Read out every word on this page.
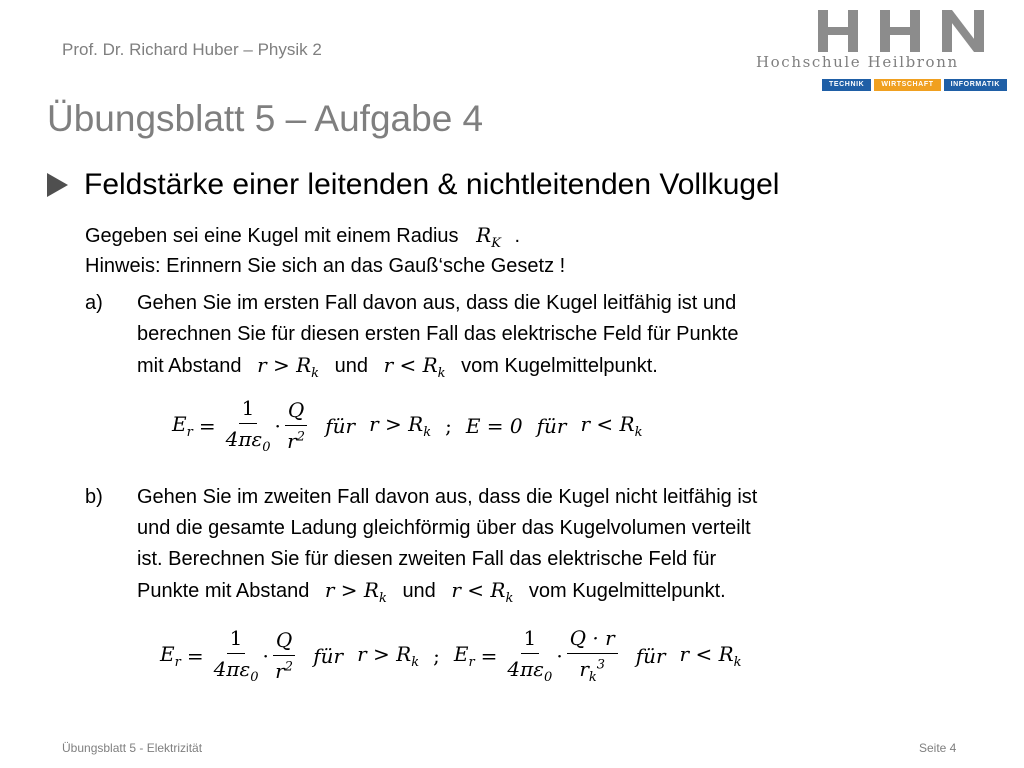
Prof. Dr. Richard Huber – Physik 2
Hochschule Heilbronn
TECHNIK	WIRTSCHAFT	INFORMATIK
Übungsblatt 5 – Aufgabe 4
Feldstärke einer leitenden & nichtleitenden Vollkugel
Gegeben sei eine Kugel mit einem Radius $R_K$ .
Hinweis: Erinnern Sie sich an das Gauß‘sche Gesetz !
a) Gehen Sie im ersten Fall davon aus, dass die Kugel leitfähig ist und
berechnen Sie für diesen ersten Fall das elektrische Feld für Punkte
mit Abstand $r > R_k$ und $r < R_k$ vom Kugelmittelpunkt.
$E_r = \frac{1}{4\pi\varepsilon_0} \cdot \frac{Q}{r^2}$ für $r > R_k$ ; E = 0 für $r < R_k$
b) Gehen Sie im zweiten Fall davon aus, dass die Kugel nicht leitfähig ist
und die gesamte Ladung gleichförmig über das Kugelvolumen verteilt
ist. Berechnen Sie für diesen zweiten Fall das elektrische Feld für
Punkte mit Abstand $r > R_k$ und $r < R_k$ vom Kugelmittelpunkt.
$E_r = \frac{1}{4\pi\varepsilon_0} \cdot \frac{Q}{r^2}$ für $r > R_k$ ; $E_r = \frac{1}{4\pi\varepsilon_0} \cdot \frac{Q \cdot r}{r_k^3}$ für $r < R_k$
Übungsblatt 5 - Elektrizität	Seite 4
